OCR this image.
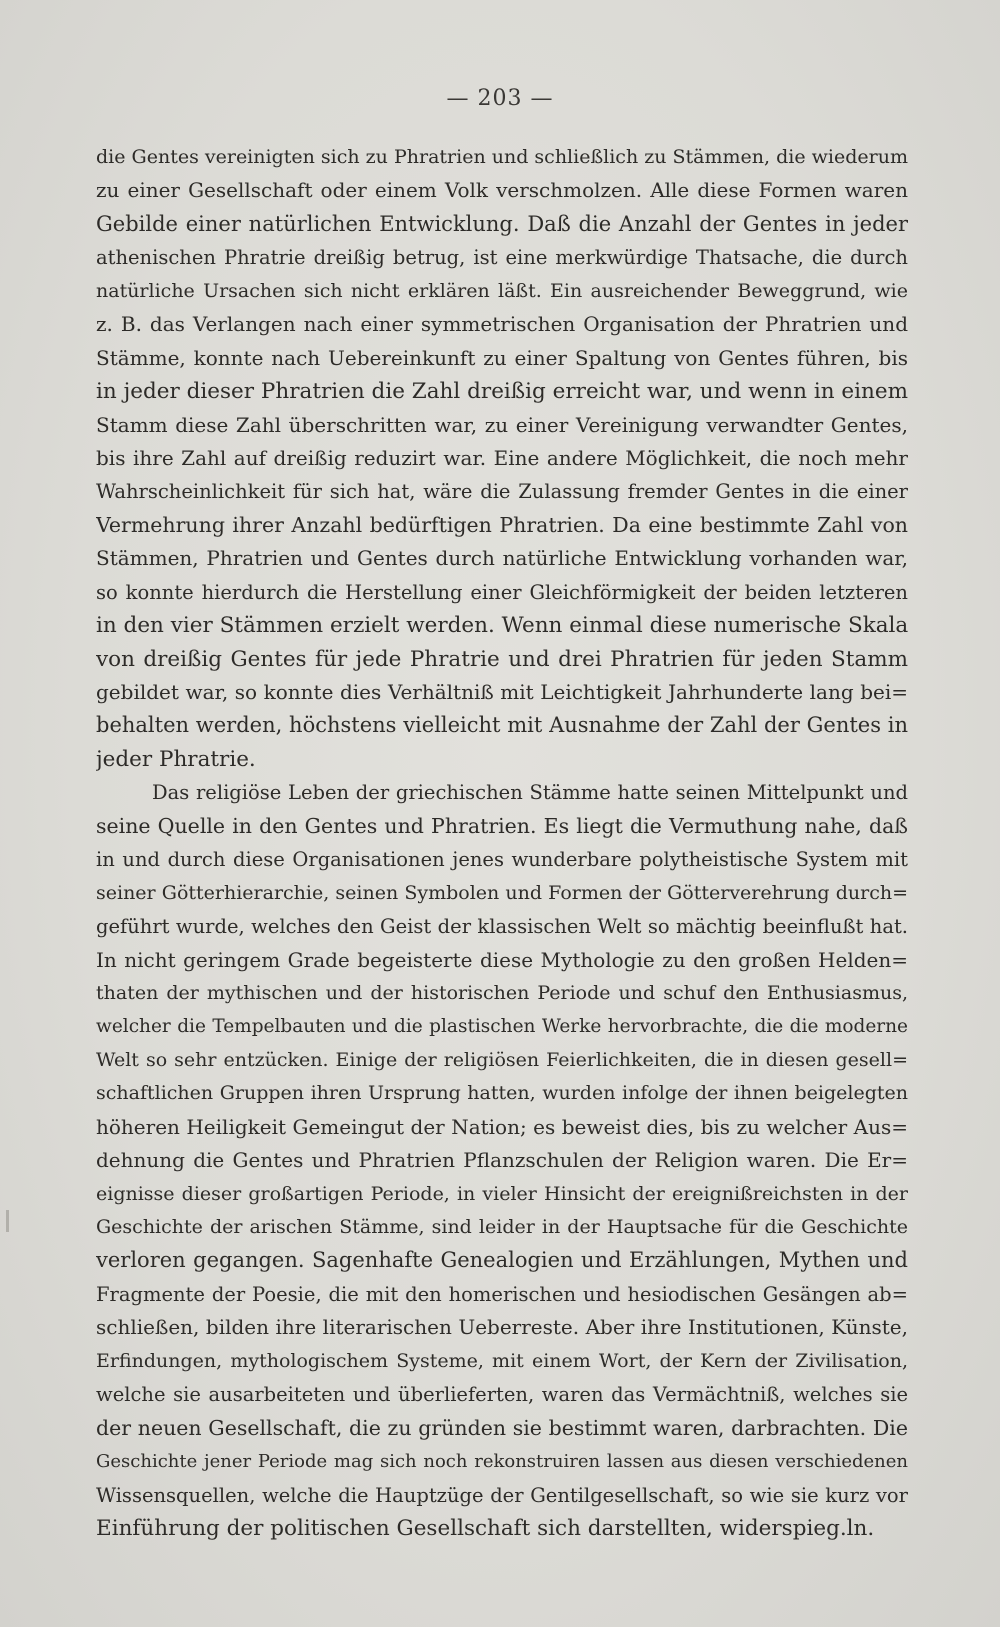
— 203 —
die Gentes vereinigten sich zu Phratrien und schließlich zu Stämmen, die wiederum
zu einer Gesellschaft oder einem Volk verschmolzen. Alle diese Formen waren
Gebilde einer natürlichen Entwicklung. Daß die Anzahl der Gentes in jeder
athenischen Phratrie dreißig betrug, ist eine merkwürdige Thatsache, die durch
natürliche Ursachen sich nicht erklären läßt. Ein ausreichender Beweggrund, wie
z. B. das Verlangen nach einer symmetrischen Organisation der Phratrien und
Stämme, konnte nach Uebereinkunft zu einer Spaltung von Gentes führen, bis
in jeder dieser Phratrien die Zahl dreißig erreicht war, und wenn in einem
Stamm diese Zahl überschritten war, zu einer Vereinigung verwandter Gentes,
bis ihre Zahl auf dreißig reduzirt war. Eine andere Möglichkeit, die noch mehr
Wahrscheinlichkeit für sich hat, wäre die Zulassung fremder Gentes in die einer
Vermehrung ihrer Anzahl bedürftigen Phratrien. Da eine bestimmte Zahl von
Stämmen, Phratrien und Gentes durch natürliche Entwicklung vorhanden war,
so konnte hierdurch die Herstellung einer Gleichförmigkeit der beiden letzteren
in den vier Stämmen erzielt werden. Wenn einmal diese numerische Skala
von dreißig Gentes für jede Phratrie und drei Phratrien für jeden Stamm
gebildet war, so konnte dies Verhältniß mit Leichtigkeit Jahrhunderte lang bei=
behalten werden, höchstens vielleicht mit Ausnahme der Zahl der Gentes in
jeder Phratrie.
Das religiöse Leben der griechischen Stämme hatte seinen Mittelpunkt und
seine Quelle in den Gentes und Phratrien. Es liegt die Vermuthung nahe, daß
in und durch diese Organisationen jenes wunderbare polytheistische System mit
seiner Götterhierarchie, seinen Symbolen und Formen der Götterverehrung durch=
geführt wurde, welches den Geist der klassischen Welt so mächtig beeinflußt hat.
In nicht geringem Grade begeisterte diese Mythologie zu den großen Helden=
thaten der mythischen und der historischen Periode und schuf den Enthusiasmus,
welcher die Tempelbauten und die plastischen Werke hervorbrachte, die die moderne
Welt so sehr entzücken. Einige der religiösen Feierlichkeiten, die in diesen gesell=
schaftlichen Gruppen ihren Ursprung hatten, wurden infolge der ihnen beigelegten
höheren Heiligkeit Gemeingut der Nation; es beweist dies, bis zu welcher Aus=
dehnung die Gentes und Phratrien Pflanzschulen der Religion waren. Die Er=
eignisse dieser großartigen Periode, in vieler Hinsicht der ereignißreichsten in der
Geschichte der arischen Stämme, sind leider in der Hauptsache für die Geschichte
verloren gegangen. Sagenhafte Genealogien und Erzählungen, Mythen und
Fragmente der Poesie, die mit den homerischen und hesiodischen Gesängen ab=
schließen, bilden ihre literarischen Ueberreste. Aber ihre Institutionen, Künste,
Erfindungen, mythologischem Systeme, mit einem Wort, der Kern der Zivilisation,
welche sie ausarbeiteten und überlieferten, waren das Vermächtniß, welches sie
der neuen Gesellschaft, die zu gründen sie bestimmt waren, darbrachten. Die
Geschichte jener Periode mag sich noch rekonstruiren lassen aus diesen verschiedenen
Wissensquellen, welche die Hauptzüge der Gentilgesellschaft, so wie sie kurz vor
Einführung der politischen Gesellschaft sich darstellten, widerspieg.ln.
